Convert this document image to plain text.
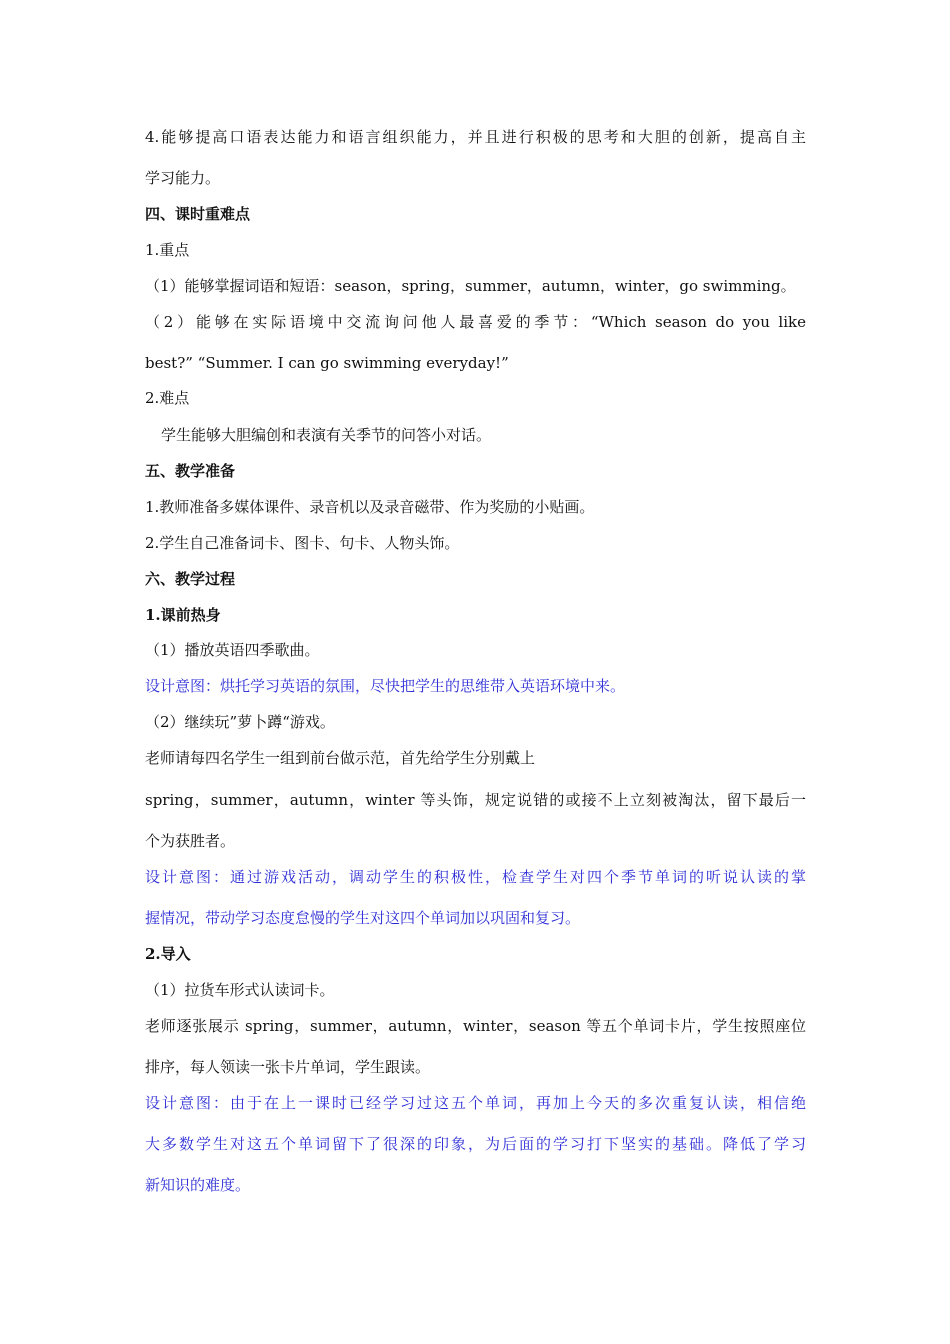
4.能够提高口语表达能力和语言组织能力，并且进行积极的思考和大胆的创新，提高自主
学习能力。
四、课时重难点
1.重点
（1）能够掌握词语和短语：season，spring，summer，autumn，winter，go swimming。
（2）能够在实际语境中交流询问他人最喜爱的季节：“Which season do you like
best?” “Summer. I can go swimming everyday!”
2.难点
学生能够大胆编创和表演有关季节的问答小对话。
五、教学准备
1.教师准备多媒体课件、录音机以及录音磁带、作为奖励的小贴画。
2.学生自己准备词卡、图卡、句卡、人物头饰。
六、教学过程
1.课前热身
（1）播放英语四季歌曲。
设计意图：烘托学习英语的氛围，尽快把学生的思维带入英语环境中来。
（2）继续玩”萝卜蹲“游戏。
老师请每四名学生一组到前台做示范，首先给学生分别戴上
spring，summer，autumn，winter 等头饰，规定说错的或接不上立刻被淘汰，留下最后一
个为获胜者。
设计意图：通过游戏活动，调动学生的积极性，检查学生对四个季节单词的听说认读的掌
握情况，带动学习态度怠慢的学生对这四个单词加以巩固和复习。
2.导入
（1）拉货车形式认读词卡。
老师逐张展示 spring，summer，autumn，winter，season 等五个单词卡片，学生按照座位
排序，每人领读一张卡片单词，学生跟读。
设计意图：由于在上一课时已经学习过这五个单词，再加上今天的多次重复认读，相信绝
大多数学生对这五个单词留下了很深的印象，为后面的学习打下坚实的基础。降低了学习
新知识的难度。
